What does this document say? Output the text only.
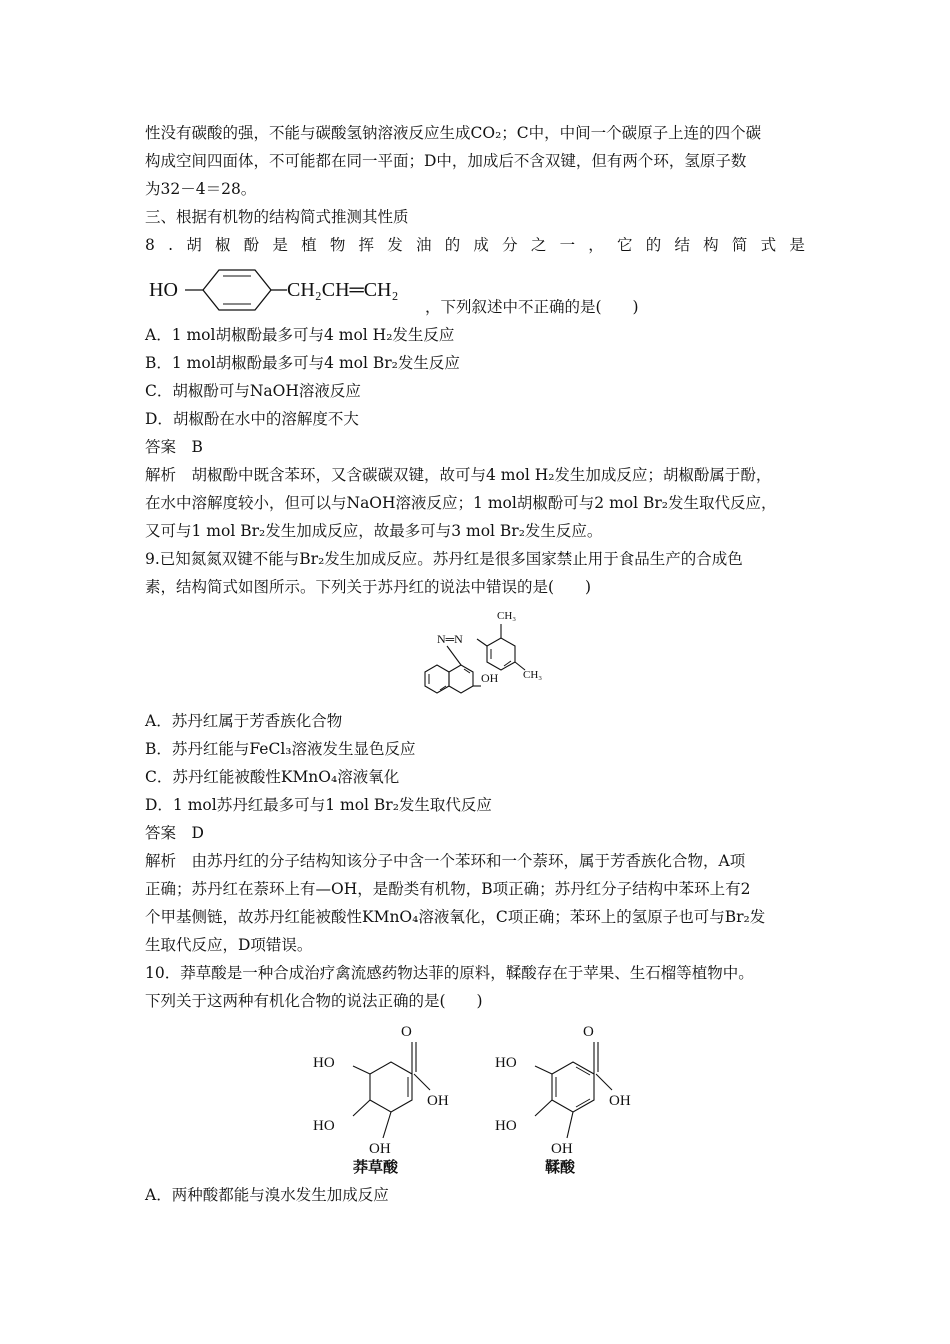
性没有碳酸的强，不能与碳酸氢钠溶液反应生成CO₂；C中，中间一个碳原子上连的四个碳
构成空间四面体，不可能都在同一平面；D中，加成后不含双键，但有两个环，氢原子数
为32－4＝28。
三、根据有机物的结构简式推测其性质
8 . 胡 椒 酚 是 植 物 挥 发 油 的 成 分 之 一 ， 它 的 结 构 简 式 是
HO	CH₂CH═CH₂
，下列叙述中不正确的是(　　)
A．1 mol胡椒酚最多可与4 mol H₂发生反应
B．1 mol胡椒酚最多可与4 mol Br₂发生反应
C．胡椒酚可与NaOH溶液反应
D．胡椒酚在水中的溶解度不大
答案　B
解析　胡椒酚中既含苯环，又含碳碳双键，故可与4 mol H₂发生加成反应；胡椒酚属于酚，
在水中溶解度较小，但可以与NaOH溶液反应；1 mol胡椒酚可与2 mol Br₂发生取代反应，
又可与1 mol Br₂发生加成反应，故最多可与3 mol Br₂发生反应。
9.已知氮氮双键不能与Br₂发生加成反应。苏丹红是很多国家禁止用于食品生产的合成色
素，结构简式如图所示。下列关于苏丹红的说法中错误的是(　　)
OH
N═N
CH₃
CH₃
A．苏丹红属于芳香族化合物
B．苏丹红能与FeCl₃溶液发生显色反应
C．苏丹红能被酸性KMnO₄溶液氧化
D．1 mol苏丹红最多可与1 mol Br₂发生取代反应
答案　D
解析　由苏丹红的分子结构知该分子中含一个苯环和一个萘环，属于芳香族化合物，A项
正确；苏丹红在萘环上有—OH，是酚类有机物，B项正确；苏丹红分子结构中苯环上有2
个甲基侧链，故苏丹红能被酸性KMnO₄溶液氧化，C项正确；苯环上的氢原子也可与Br₂发
生取代反应，D项错误。
10．莽草酸是一种合成治疗禽流感药物达菲的原料，鞣酸存在于苹果、生石榴等植物中。
下列关于这两种有机化合物的说法正确的是(　　)
O
OH
HO
HO
OH
莽草酸
O
OH
HO
HO
OH
鞣酸
A．两种酸都能与溴水发生加成反应
